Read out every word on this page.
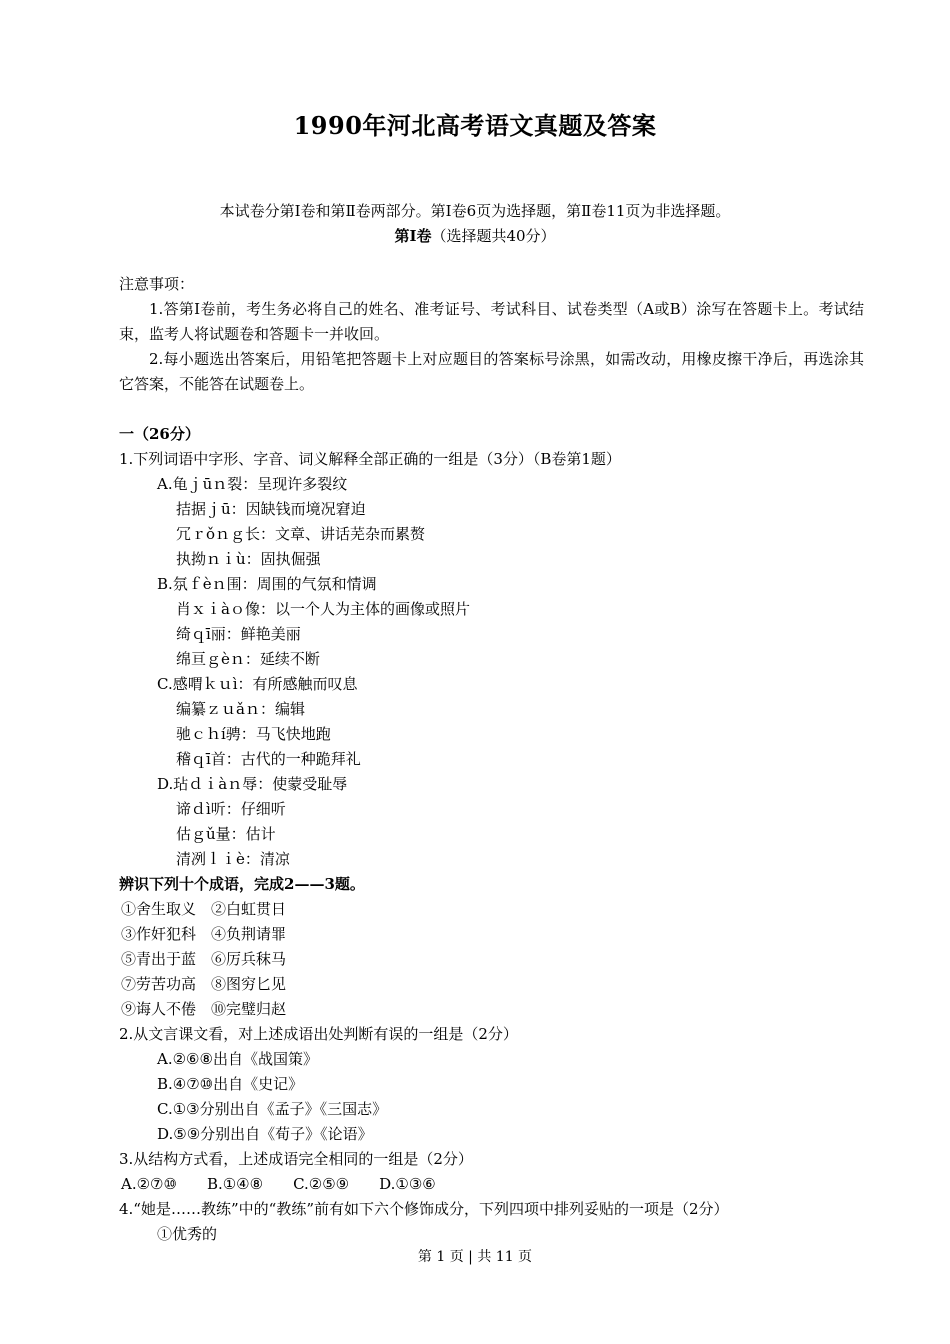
1990年河北高考语文真题及答案
本试卷分第Ⅰ卷和第Ⅱ卷两部分。第Ⅰ卷6页为选择题，第Ⅱ卷11页为非选择题。
第Ⅰ卷（选择题共40分）
注意事项：
1.答第Ⅰ卷前，考生务必将自己的姓名、准考证号、考试科目、试卷类型（A或B）涂写在答题卡上。考试结束，监考人将试题卷和答题卡一并收回。
2.每小题选出答案后，用铅笔把答题卡上对应题目的答案标号涂黑，如需改动，用橡皮擦干净后，再选涂其它答案，不能答在试题卷上。
一（26分）
1.下列词语中字形、字音、词义解释全部正确的一组是（3分）（B卷第1题）
A.龟ｊūｎ裂：呈现许多裂纹
拮据ｊū：因缺钱而境况窘迫
冗ｒǒｎｇ长：文章、讲话芜杂而累赘
执拗ｎｉù：固执倔强
B.氛ｆèｎ围：周围的气氛和情调
肖ｘｉàｏ像：以一个人为主体的画像或照片
绮ｑī丽：鲜艳美丽
绵亘ｇèｎ：延续不断
C.感喟ｋｕì：有所感触而叹息
编纂ｚｕǎｎ：编辑
驰ｃｈí骋：马飞快地跑
稽ｑī首：古代的一种跪拜礼
D.玷ｄｉàｎ辱：使蒙受耻辱
谛ｄì听：仔细听
估ｇǔ量：估计
清冽ｌｉè：清凉
辨识下列十个成语，完成2——3题。
①舍生取义　②白虹贯日
③作奸犯科　④负荆请罪
⑤青出于蓝　⑥厉兵秣马
⑦劳苦功高　⑧图穷匕见
⑨诲人不倦　⑩完璧归赵
2.从文言课文看，对上述成语出处判断有误的一组是（2分）
A.②⑥⑧出自《战国策》
B.④⑦⑩出自《史记》
C.①③分别出自《孟子》《三国志》
D.⑤⑨分别出自《荀子》《论语》
3.从结构方式看，上述成语完全相同的一组是（2分）
A.②⑦⑩　　B.①④⑧　　C.②⑤⑨　　D.①③⑥
4.“她是……教练”中的“教练”前有如下六个修饰成分，下列四项中排列妥贴的一项是（2分）
①优秀的
第 1 页 | 共 11 页
